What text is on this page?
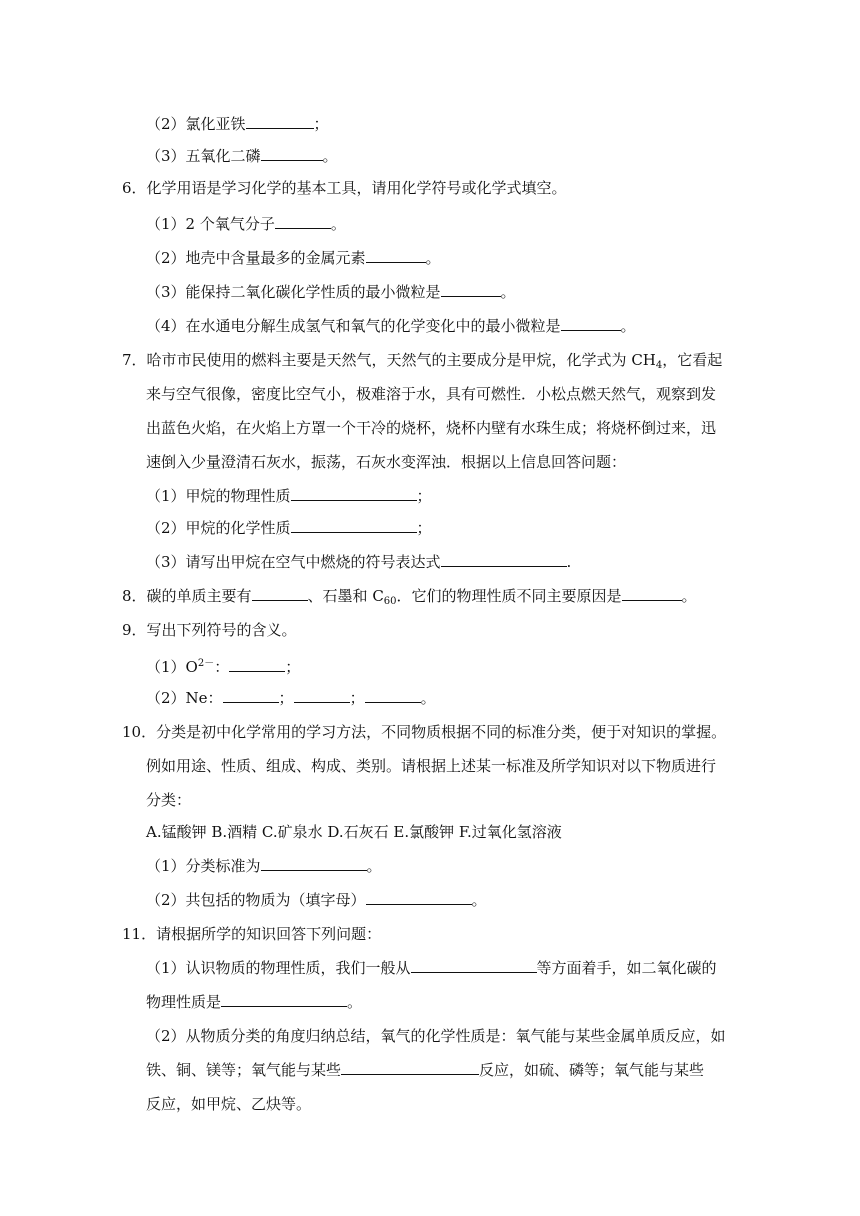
（2）氯化亚铁	；
（3）五氧化二磷	。
6．化学用语是学习化学的基本工具，请用化学符号或化学式填空。
（1）2 个氧气分子	。
（2）地壳中含量最多的金属元素	。
（3）能保持二氧化碳化学性质的最小微粒是	。
（4）在水通电分解生成氢气和氧气的化学变化中的最小微粒是	。
7．哈市市民使用的燃料主要是天然气，天然气的主要成分是甲烷，化学式为 $CH_4$，它看起
来与空气很像，密度比空气小，极难溶于水，具有可燃性．小松点燃天然气，观察到发
出蓝色火焰，在火焰上方罩一个干冷的烧杯，烧杯内壁有水珠生成；将烧杯倒过来，迅
速倒入少量澄清石灰水，振荡，石灰水变浑浊．根据以上信息回答问题：
（1）甲烷的物理性质	；
（2）甲烷的化学性质	；
（3）请写出甲烷在空气中燃烧的符号表达式	.
8．碳的单质主要有	、石墨和 $C_{60}$．它们的物理性质不同主要原因是	。
9．写出下列符号的含义。
$(1)O^{2-}$：	；
（2）Ne：	；	；	。
10．分类是初中化学常用的学习方法，不同物质根据不同的标准分类，便于对知识的掌握。
例如用途、性质、组成、构成、类别。请根据上述某一标准及所学知识对以下物质进行
分类：
A.锰酸钾 B.酒精 C.矿泉水 D.石灰石 E.氯酸钾 F.过氧化氢溶液
（1）分类标准为	。
（2）共包括的物质为（填字母）	。
11．请根据所学的知识回答下列问题：
（1）认识物质的物理性质，我们一般从	等方面着手，如二氧化碳的
物理性质是	。
（2）从物质分类的角度归纳总结，氧气的化学性质是：氧气能与某些金属单质反应，如
铁、铜、镁等；氧气能与某些	反应，如硫、磷等；氧气能与某些
反应，如甲烷、乙炔等。
